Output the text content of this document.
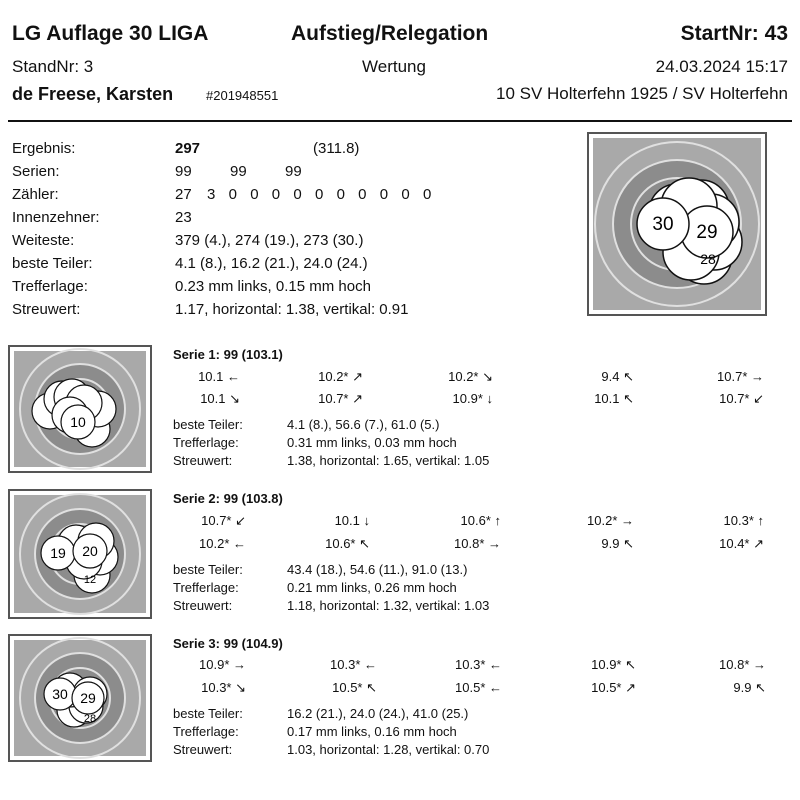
LG Auflage 30 LIGA	Aufstieg/Relegation	StartNr: 43
StandNr: 3	Wertung	24.03.2024 15:17
de Freese, Karsten	#201948551	10 SV Holterfehn 1925 / SV Holterfehn
Ergebnis:	297	(311.8)
Serien:	99	99	99
Zähler:	27 3 0 0 0 0 0 0 0 0 0 0
Innenzehner:	23
Weiteste:	379 (4.), 274 (19.), 273 (30.)
beste Teiler:	4.1 (8.), 16.2 (21.), 24.0 (24.)
Trefferlage:	0.23 mm links, 0.15 mm hoch
Streuwert:	1.17, horizontal: 1.38, vertikal: 0.91
29
30
28
10
Serie 1: 99 (103.1)
10.1 ←	10.2* ↗	10.2* ↘	9.4 ↖	10.7* →
10.1 ↘	10.7* ↗	10.9* ↓	10.1 ↖	10.7* ↙
beste Teiler:	4.1 (8.), 56.6 (7.), 61.0 (5.)
Trefferlage:	0.31 mm links, 0.03 mm hoch
Streuwert:	1.38, horizontal: 1.65, vertikal: 1.05
19 20
12
Serie 2: 99 (103.8)
10.7* ↙	10.1 ↓	10.6* ↑	10.2* →	10.3* ↑
10.2* ←	10.6* ↖	10.8* →	9.9 ↖	10.4* ↗
beste Teiler:	43.4 (18.), 54.6 (11.), 91.0 (13.)
Trefferlage:	0.21 mm links, 0.26 mm hoch
Streuwert:	1.18, horizontal: 1.32, vertikal: 1.03
30 29
28
Serie 3: 99 (104.9)
10.9* →	10.3* ←	10.3* ←	10.9* ↖	10.8* →
10.3* ↘	10.5* ↖	10.5* ←	10.5* ↗	9.9 ↖
beste Teiler:	16.2 (21.), 24.0 (24.), 41.0 (25.)
Trefferlage:	0.17 mm links, 0.16 mm hoch
Streuwert:	1.03, horizontal: 1.28, vertikal: 0.70
